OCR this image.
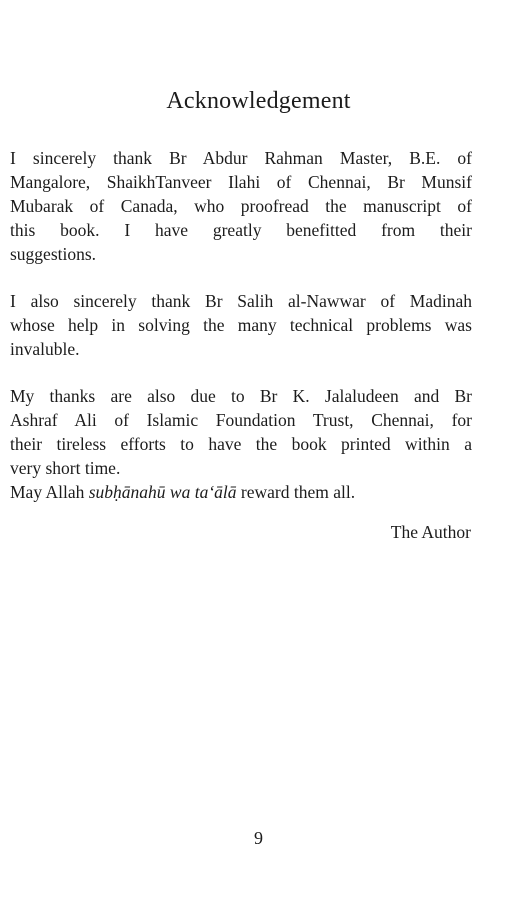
Acknowledgement
I sincerely thank Br Abdur Rahman Master, B.E. of
Mangalore, ShaikhTanveer Ilahi of Chennai, Br Munsif
Mubarak of Canada, who proofread the manuscript of
this book. I have greatly benefitted from their
suggestions.
I also sincerely thank Br Salih al-Nawwar of Madinah
whose help in solving the many technical problems was
invaluble.
My thanks are also due to Br K. Jalaludeen and Br
Ashraf Ali of Islamic Foundation Trust, Chennai, for
their tireless efforts to have the book printed within a
very short time.
May Allah subḥānahū wa ta‘ālā reward them all.
The Author
9
